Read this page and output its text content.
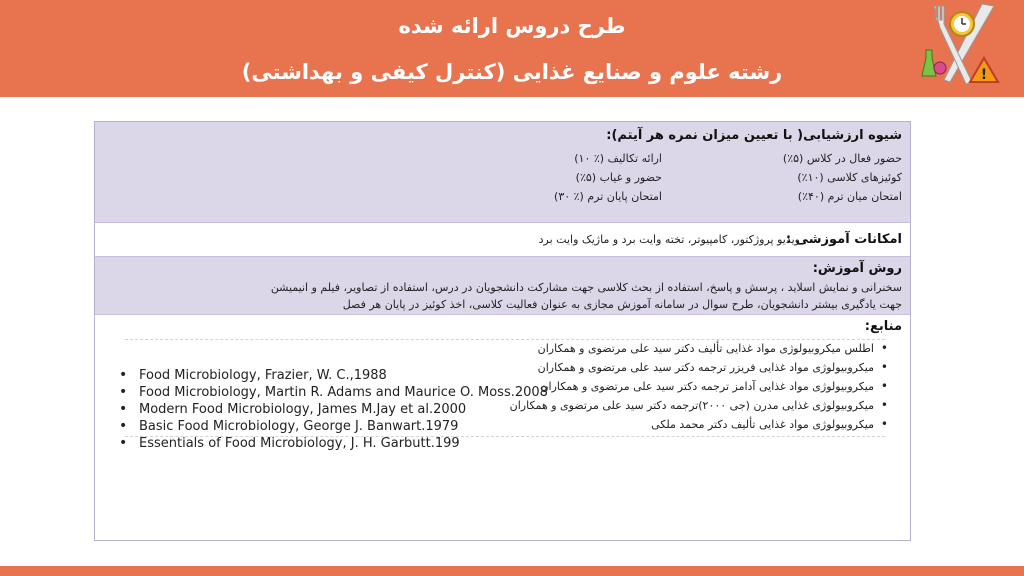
طرح دروس ارائه شده
رشته علوم و صنایع غذایی (کنترل کیفی و بهداشتی)	!
شیوه ارزشیابی( با تعیین میزان نمره هر آیتم):
حضور فعال در کلاس (۵٪)
ارائه تکالیف (٪ ۱۰)
کوئیزهای کلاسی (۱۰٪)
حضور و غیاب (۵٪)
امتحان میان ترم (۴۰٪)
امتحان پایان ترم (٪ ۳۰)
امکانات آموزشی :
ویدیو پروژکتور، کامپیوتر، تخته وایت برد و ماژیک وایت برد
روش آموزش:
سخنرانی و نمایش اسلاید ، پرسش و پاسخ، استفاده از بحث کلاسی جهت مشارکت دانشجویان در درس، استفاده از تصاویر، فیلم و انیمیشن
جهت یادگیری بیشتر دانشجویان، طرح سوال در سامانه آموزش مجازی به عنوان فعالیت کلاسی، اخذ کوئیز در پایان هر فصل
منابع:
• اطلس میکروبیولوژی مواد غذایی تألیف دکتر سید علی مرتضوی و همکاران
• میکروبیولوژی مواد غذایی فریزر ترجمه دکتر سید علی مرتضوی و همکاران
• میکروبیولوژی مواد غذایی آدامز ترجمه دکتر سید علی مرتضوی و همکاران
• میکروبیولوژی غذایی مدرن (جی ۲۰۰۰)ترجمه دکتر سید علی مرتضوی و همکاران
• میکروبیولوژی مواد غذایی تألیف دکتر محمد ملکی
• Food Microbiology, Frazier, W. C.,1988
• Food Microbiology, Martin R. Adams and Maurice O. Moss.2008
• Modern Food Microbiology, James M.Jay et al.2000
• Basic Food Microbiology, George J. Banwart.1979
• Essentials of Food Microbiology, J. H. Garbutt.199
